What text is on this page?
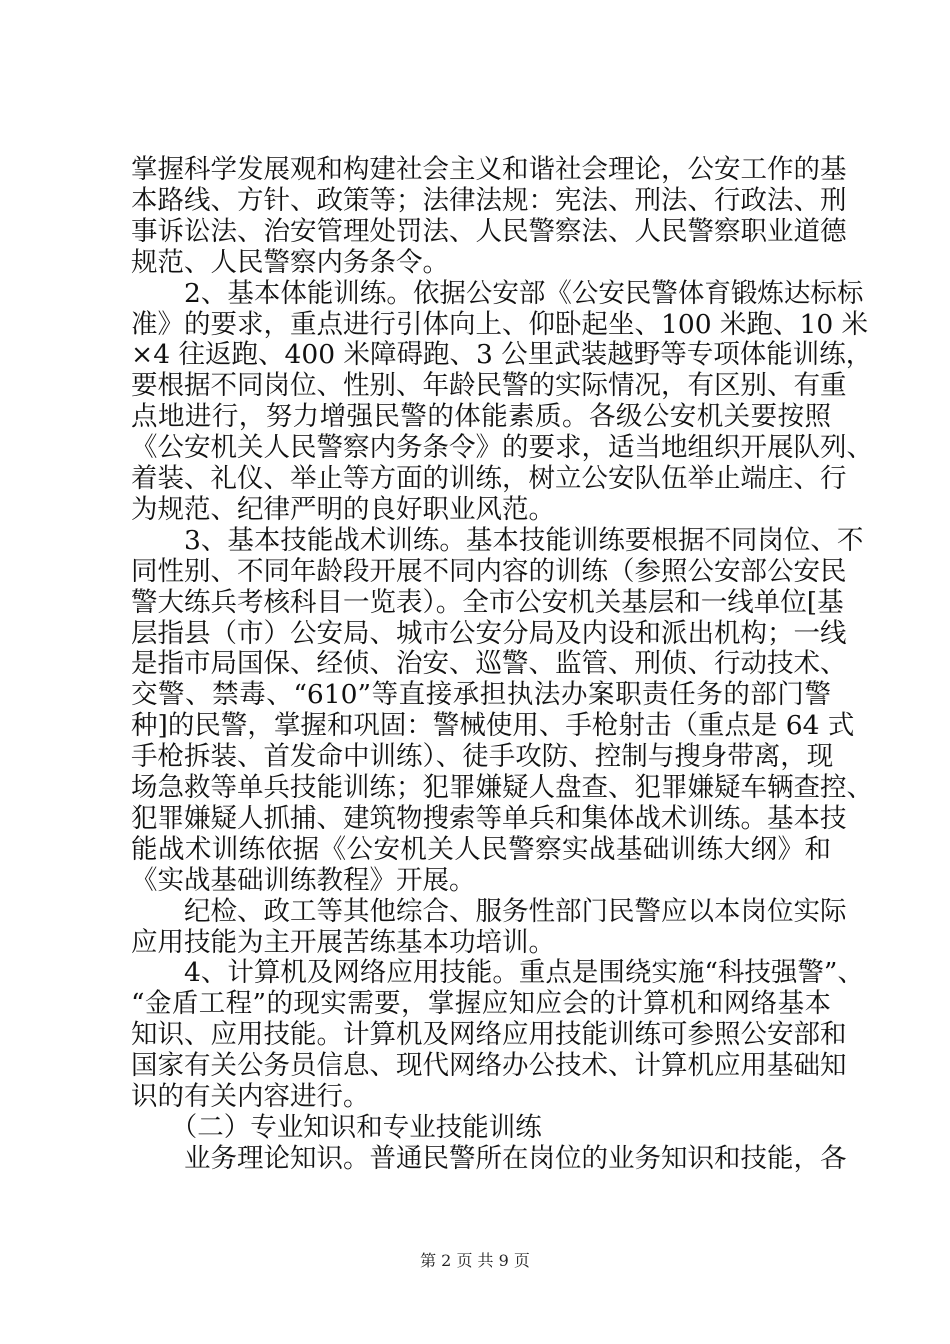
掌握科学发展观和构建社会主义和谐社会理论，公安工作的基
本路线、方针、政策等；法律法规：宪法、刑法、行政法、刑
事诉讼法、治安管理处罚法、人民警察法、人民警察职业道德
规范、人民警察内务条令。
　　2、基本体能训练。依据公安部《公安民警体育锻炼达标标
准》的要求，重点进行引体向上、仰卧起坐、100 米跑、10 米
×4 往返跑、400 米障碍跑、3 公里武装越野等专项体能训练，
要根据不同岗位、性别、年龄民警的实际情况，有区别、有重
点地进行，努力增强民警的体能素质。各级公安机关要按照
《公安机关人民警察内务条令》的要求，适当地组织开展队列、
着装、礼仪、举止等方面的训练，树立公安队伍举止端庄、行
为规范、纪律严明的良好职业风范。
　　3、基本技能战术训练。基本技能训练要根据不同岗位、不
同性别、不同年龄段开展不同内容的训练（参照公安部公安民
警大练兵考核科目一览表）。全市公安机关基层和一线单位[基
层指县（市）公安局、城市公安分局及内设和派出机构；一线
是指市局国保、经侦、治安、巡警、监管、刑侦、行动技术、
交警、禁毒、“610”等直接承担执法办案职责任务的部门警
种]的民警，掌握和巩固：警械使用、手枪射击（重点是 64 式
手枪拆装、首发命中训练）、徒手攻防、控制与搜身带离，现
场急救等单兵技能训练；犯罪嫌疑人盘查、犯罪嫌疑车辆查控、
犯罪嫌疑人抓捕、建筑物搜索等单兵和集体战术训练。基本技
能战术训练依据《公安机关人民警察实战基础训练大纲》和
《实战基础训练教程》开展。
　　纪检、政工等其他综合、服务性部门民警应以本岗位实际
应用技能为主开展苦练基本功培训。
　　4、计算机及网络应用技能。重点是围绕实施“科技强警”、
“金盾工程”的现实需要，掌握应知应会的计算机和网络基本
知识、应用技能。计算机及网络应用技能训练可参照公安部和
国家有关公务员信息、现代网络办公技术、计算机应用基础知
识的有关内容进行。
　　（二）专业知识和专业技能训练
　　业务理论知识。普通民警所在岗位的业务知识和技能，各
第 2 页 共 9 页
